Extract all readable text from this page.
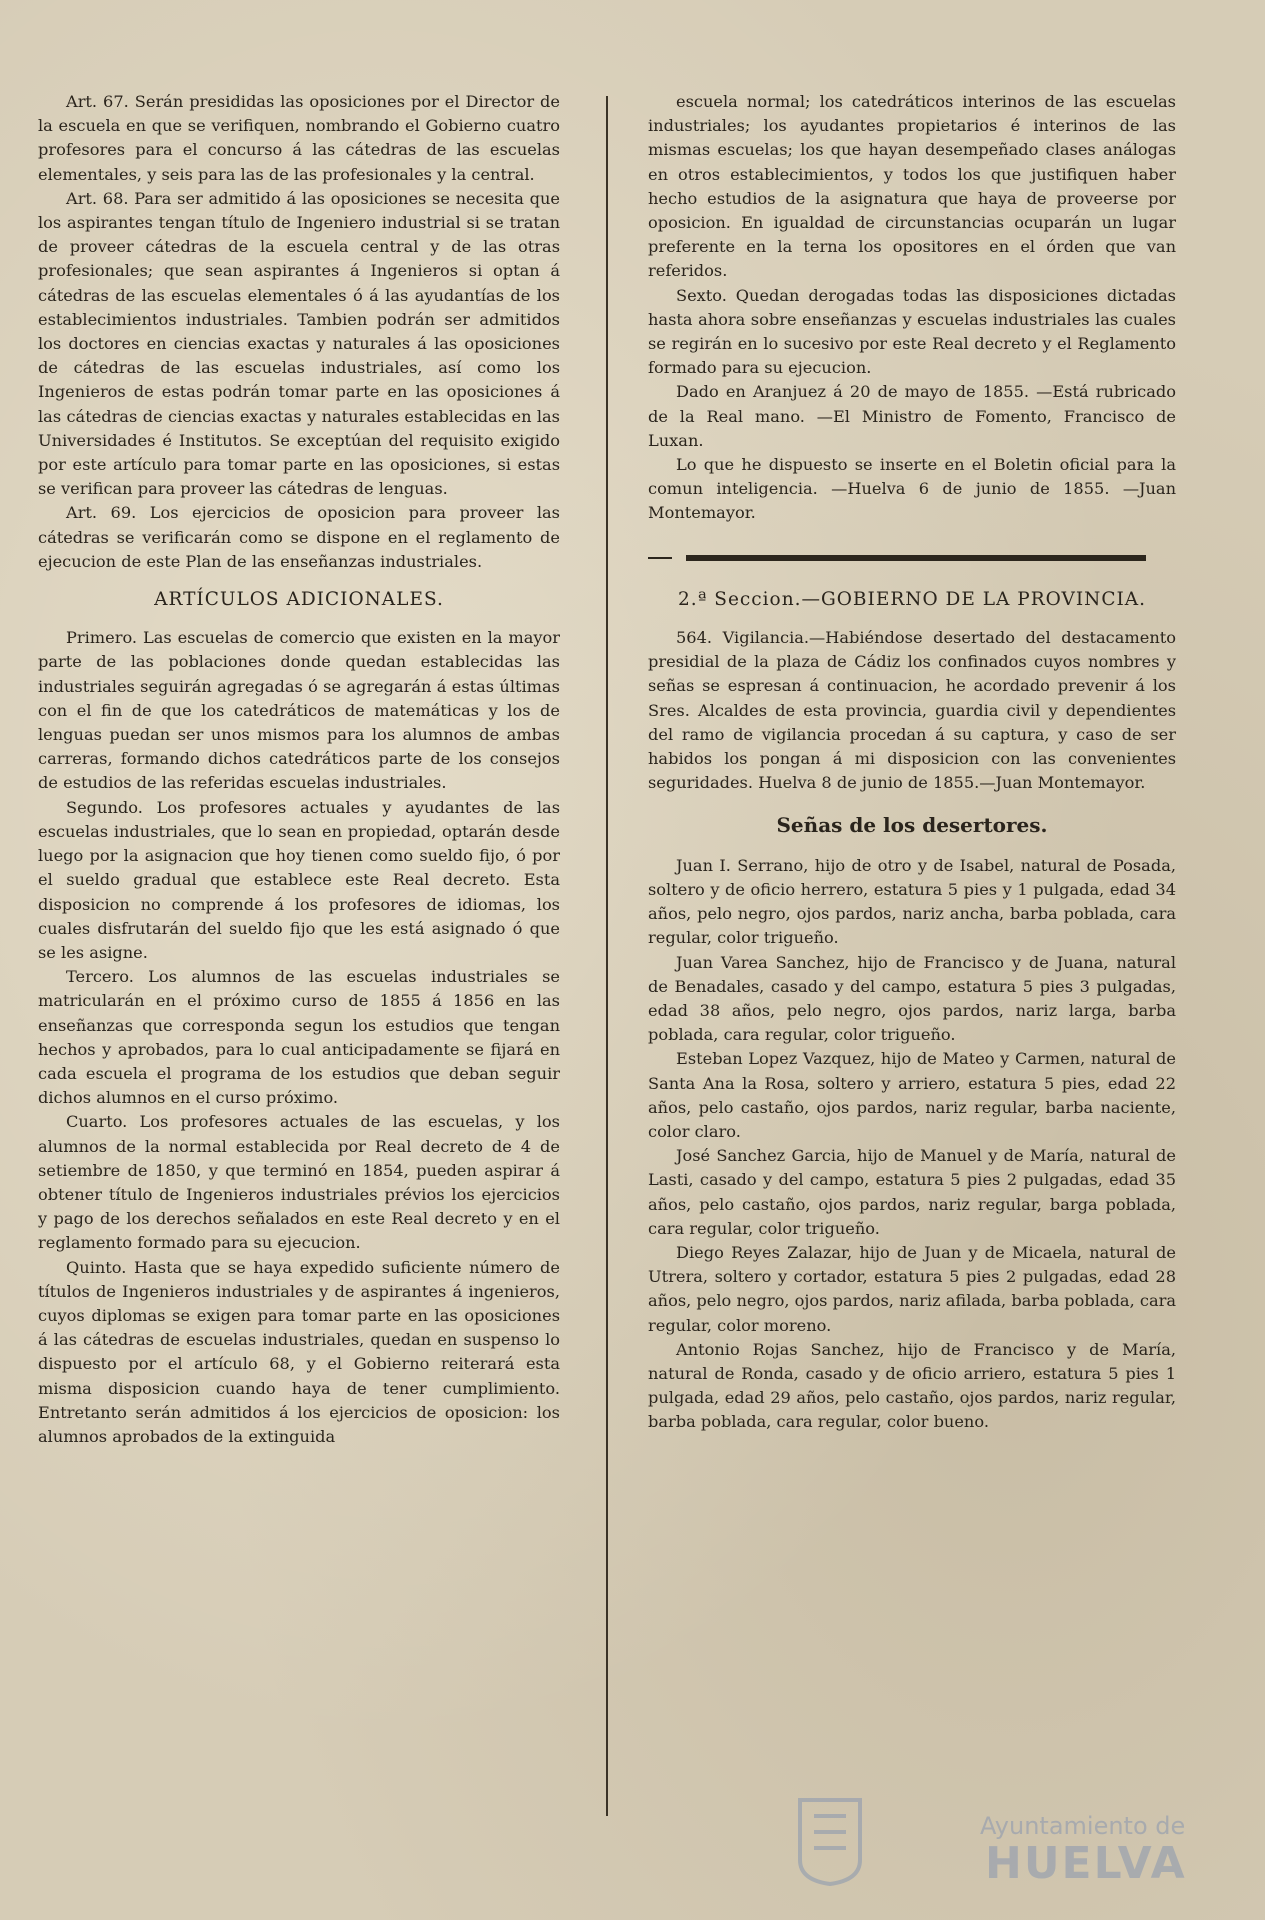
Art. 67. Serán presididas las oposiciones por el Director de la escuela en que se verifiquen, nombrando el Gobierno cuatro profesores para el concurso á las cátedras de las escuelas elementales, y seis para las de las profesionales y la central.

Art. 68. Para ser admitido á las oposiciones se necesita que los aspirantes tengan título de Ingeniero industrial si se tratan de proveer cátedras de la escuela central y de las otras profesionales; que sean aspirantes á Ingenieros si optan á cátedras de las escuelas elementales ó á las ayudantías de los establecimientos industriales. Tambien podrán ser admitidos los doctores en ciencias exactas y naturales á las oposiciones de cátedras de las escuelas industriales, así como los Ingenieros de estas podrán tomar parte en las oposiciones á las cátedras de ciencias exactas y naturales establecidas en las Universidades é Institutos. Se exceptúan del requisito exigido por este artículo para tomar parte en las oposiciones, si estas se verifican para proveer las cátedras de lenguas.

Art. 69. Los ejercicios de oposicion para proveer las cátedras se verificarán como se dispone en el reglamento de ejecucion de este Plan de las enseñanzas industriales.

ARTÍCULOS ADICIONALES.

Primero. Las escuelas de comercio que existen en la mayor parte de las poblaciones donde quedan establecidas las industriales seguirán agregadas ó se agregarán á estas últimas con el fin de que los catedráticos de matemáticas y los de lenguas puedan ser unos mismos para los alumnos de ambas carreras, formando dichos catedráticos parte de los consejos de estudios de las referidas escuelas industriales.

Segundo. Los profesores actuales y ayudantes de las escuelas industriales, que lo sean en propiedad, optarán desde luego por la asignacion que hoy tienen como sueldo fijo, ó por el sueldo gradual que establece este Real decreto. Esta disposicion no comprende á los profesores de idiomas, los cuales disfrutarán del sueldo fijo que les está asignado ó que se les asigne.

Tercero. Los alumnos de las escuelas industriales se matricularán en el próximo curso de 1855 á 1856 en las enseñanzas que corresponda segun los estudios que tengan hechos y aprobados, para lo cual anticipadamente se fijará en cada escuela el programa de los estudios que deban seguir dichos alumnos en el curso próximo.

Cuarto. Los profesores actuales de las escuelas, y los alumnos de la normal establecida por Real decreto de 4 de setiembre de 1850, y que terminó en 1854, pueden aspirar á obtener título de Ingenieros industriales prévios los ejercicios y pago de los derechos señalados en este Real decreto y en el reglamento formado para su ejecucion.

Quinto. Hasta que se haya expedido suficiente número de títulos de Ingenieros industriales y de aspirantes á ingenieros, cuyos diplomas se exigen para tomar parte en las oposiciones á las cátedras de escuelas industriales, quedan en suspenso lo dispuesto por el artículo 68, y el Gobierno reiterará esta misma disposicion cuando haya de tener cumplimiento. Entretanto serán admitidos á los ejercicios de oposicion: los alumnos aprobados de la extinguida

escuela normal; los catedráticos interinos de las escuelas industriales; los ayudantes propietarios é interinos de las mismas escuelas; los que hayan desempeñado clases análogas en otros establecimientos, y todos los que justifiquen haber hecho estudios de la asignatura que haya de proveerse por oposicion. En igualdad de circunstancias ocuparán un lugar preferente en la terna los opositores en el órden que van referidos.

Sexto. Quedan derogadas todas las disposiciones dictadas hasta ahora sobre enseñanzas y escuelas industriales las cuales se regirán en lo sucesivo por este Real decreto y el Reglamento formado para su ejecucion.

Dado en Aranjuez á 20 de mayo de 1855. —Está rubricado de la Real mano. —El Ministro de Fomento, Francisco de Luxan.

Lo que he dispuesto se inserte en el Boletin oficial para la comun inteligencia. —Huelva 6 de junio de 1855. —Juan Montemayor.

2.ª Seccion.—GOBIERNO DE LA PROVINCIA.

564. Vigilancia.—Habiéndose desertado del destacamento presidial de la plaza de Cádiz los confinados cuyos nombres y señas se espresan á continuacion, he acordado prevenir á los Sres. Alcaldes de esta provincia, guardia civil y dependientes del ramo de vigilancia procedan á su captura, y caso de ser habidos los pongan á mi disposicion con las convenientes seguridades. Huelva 8 de junio de 1855.—Juan Montemayor.

Señas de los desertores.

Juan I. Serrano, hijo de otro y de Isabel, natural de Posada, soltero y de oficio herrero, estatura 5 pies y 1 pulgada, edad 34 años, pelo negro, ojos pardos, nariz ancha, barba poblada, cara regular, color trigueño.

Juan Varea Sanchez, hijo de Francisco y de Juana, natural de Benadales, casado y del campo, estatura 5 pies 3 pulgadas, edad 38 años, pelo negro, ojos pardos, nariz larga, barba poblada, cara regular, color trigueño.

Esteban Lopez Vazquez, hijo de Mateo y Carmen, natural de Santa Ana la Rosa, soltero y arriero, estatura 5 pies, edad 22 años, pelo castaño, ojos pardos, nariz regular, barba naciente, color claro.

José Sanchez Garcia, hijo de Manuel y de María, natural de Lasti, casado y del campo, estatura 5 pies 2 pulgadas, edad 35 años, pelo castaño, ojos pardos, nariz regular, barga poblada, cara regular, color trigueño.

Diego Reyes Zalazar, hijo de Juan y de Micaela, natural de Utrera, soltero y cortador, estatura 5 pies 2 pulgadas, edad 28 años, pelo negro, ojos pardos, nariz afilada, barba poblada, cara regular, color moreno.

Antonio Rojas Sanchez, hijo de Francisco y de María, natural de Ronda, casado y de oficio arriero, estatura 5 pies 1 pulgada, edad 29 años, pelo castaño, ojos pardos, nariz regular, barba poblada, cara regular, color bueno.

Ayuntamiento de
HUELVA
